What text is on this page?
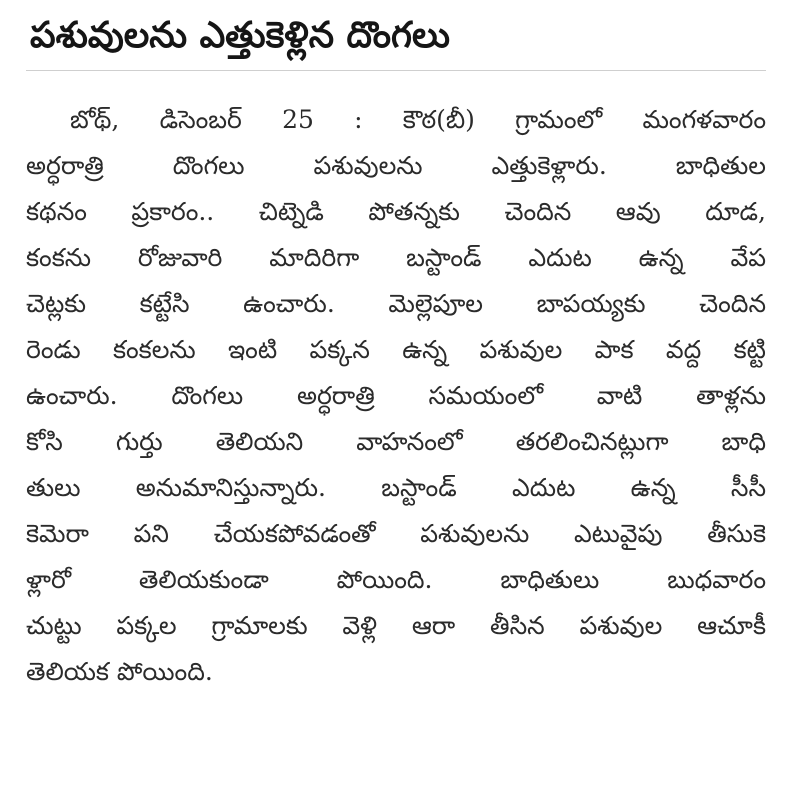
పశువులను ఎత్తుకెళ్లిన దొంగలు
బోథ్, డిసెంబర్ 25 : కౌఠ(బీ) గ్రామంలో మంగళవారం
అర్ధరాత్రి దొంగలు పశువులను ఎత్తుకెళ్లారు. బాధితుల
కథనం ప్రకారం.. చిట్నెడి పోతన్నకు చెందిన ఆవు దూడ,
కంకను రోజువారి మాదిరిగా బస్టాండ్ ఎదుట ఉన్న వేప
చెట్లకు కట్టేసి ఉంచారు. మెల్లెపూల బాపయ్యకు చెందిన
రెండు కంకలను ఇంటి పక్కన ఉన్న పశువుల పాక వద్ద కట్టి
ఉంచారు. దొంగలు అర్ధరాత్రి సమయంలో వాటి తాళ్లను
కోసి గుర్తు తెలియని వాహనంలో తరలించినట్లుగా బాధి
తులు అనుమానిస్తున్నారు. బస్టాండ్ ఎదుట ఉన్న సీసీ
కెమెరా పని చేయకపోవడంతో పశువులను ఎటువైపు తీసుకె
ళ్లారో తెలియకుండా పోయింది. బాధితులు బుధవారం
చుట్టు పక్కల గ్రామాలకు వెళ్లి ఆరా తీసిన పశువుల ఆచూకీ
తెలియక పోయింది.
